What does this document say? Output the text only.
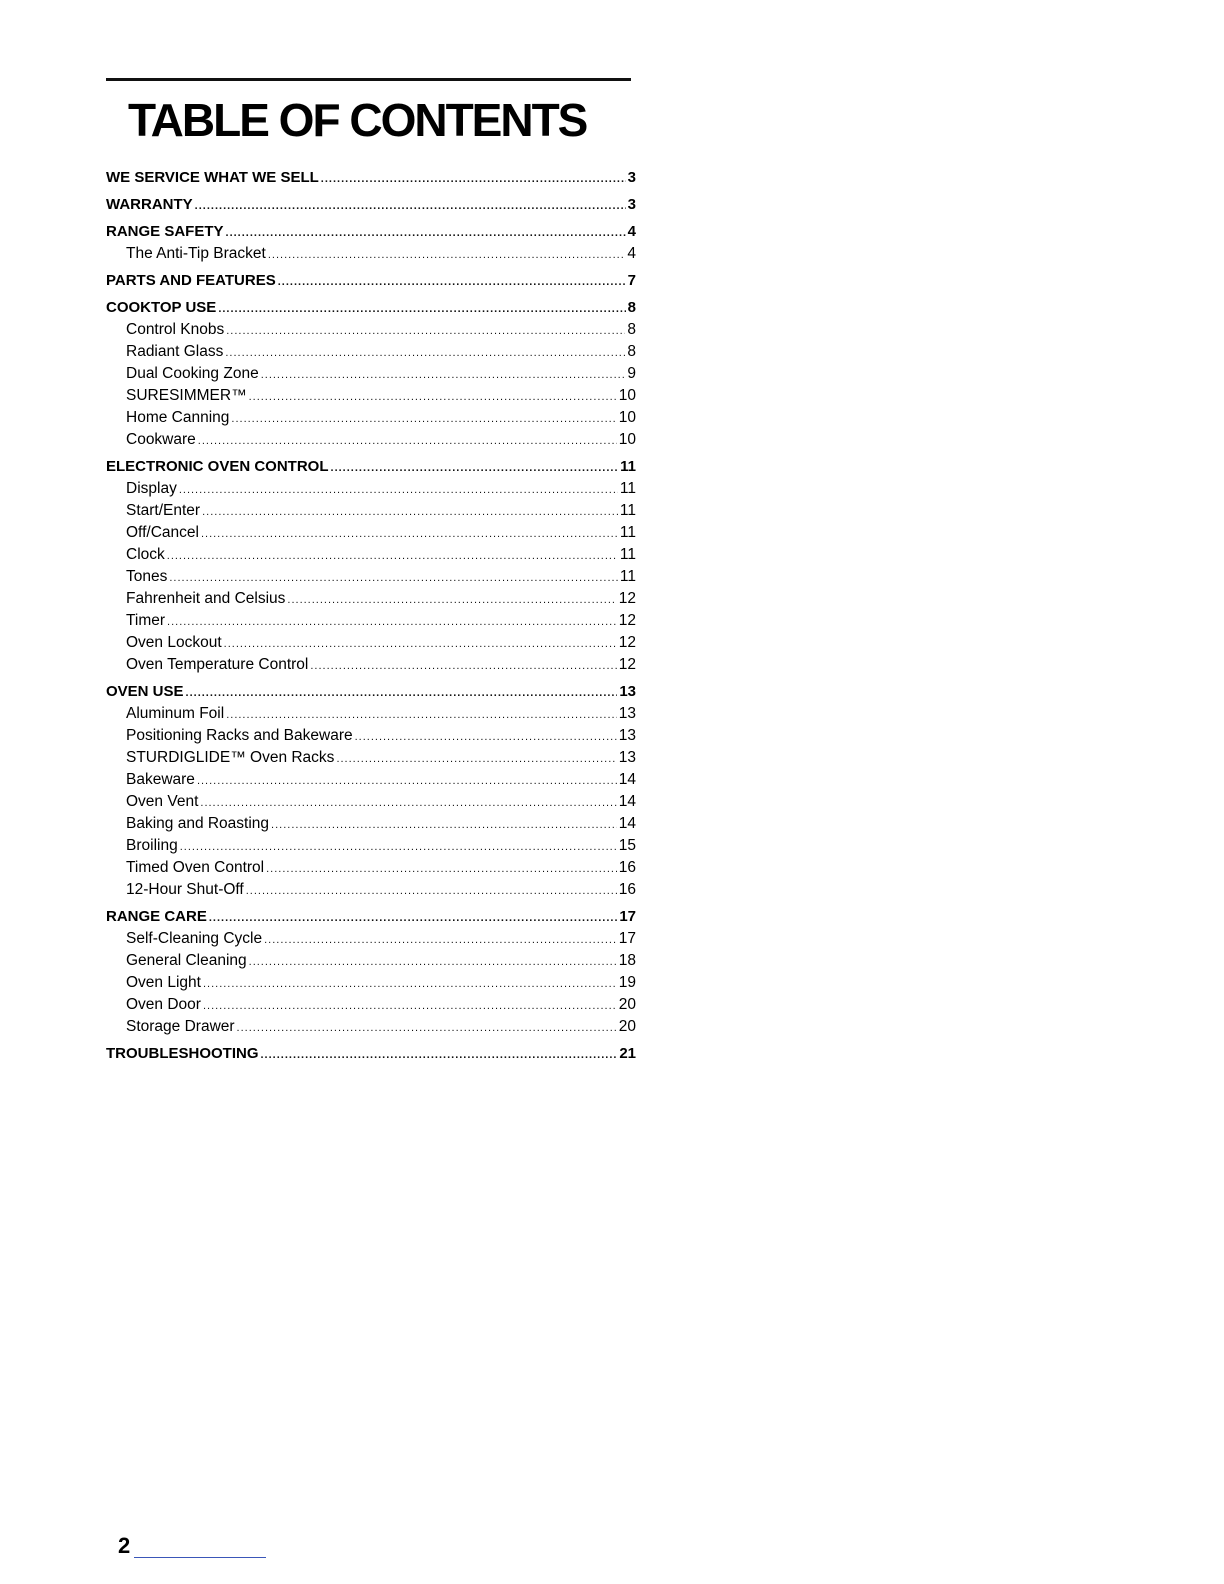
TABLE OF CONTENTS
WE SERVICE WHAT WE SELL .....	3
WARRANTY .....	3
RANGE SAFETY .....	4
The Anti-Tip Bracket .....	4
PARTS AND FEATURES .....	7
COOKTOP USE .....	8
Control Knobs .....	8
Radiant Glass .....	8
Dual Cooking Zone .....	9
SURESIMMER™ .....	10
Home Canning .....	10
Cookware .....	10
ELECTRONIC OVEN CONTROL .....	11
Display .....	11
Start/Enter .....	11
Off/Cancel .....	11
Clock .....	11
Tones .....	11
Fahrenheit and Celsius .....	12
Timer .....	12
Oven Lockout .....	12
Oven Temperature Control .....	12
OVEN USE .....	13
Aluminum Foil .....	13
Positioning Racks and Bakeware .....	13
STURDIGLIDE™ Oven Racks .....	13
Bakeware .....	14
Oven Vent .....	14
Baking and Roasting .....	14
Broiling .....	15
Timed Oven Control .....	16
12-Hour Shut-Off .....	16
RANGE CARE .....	17
Self-Cleaning Cycle .....	17
General Cleaning .....	18
Oven Light .....	19
Oven Door .....	20
Storage Drawer .....	20
TROUBLESHOOTING .....	21
2
